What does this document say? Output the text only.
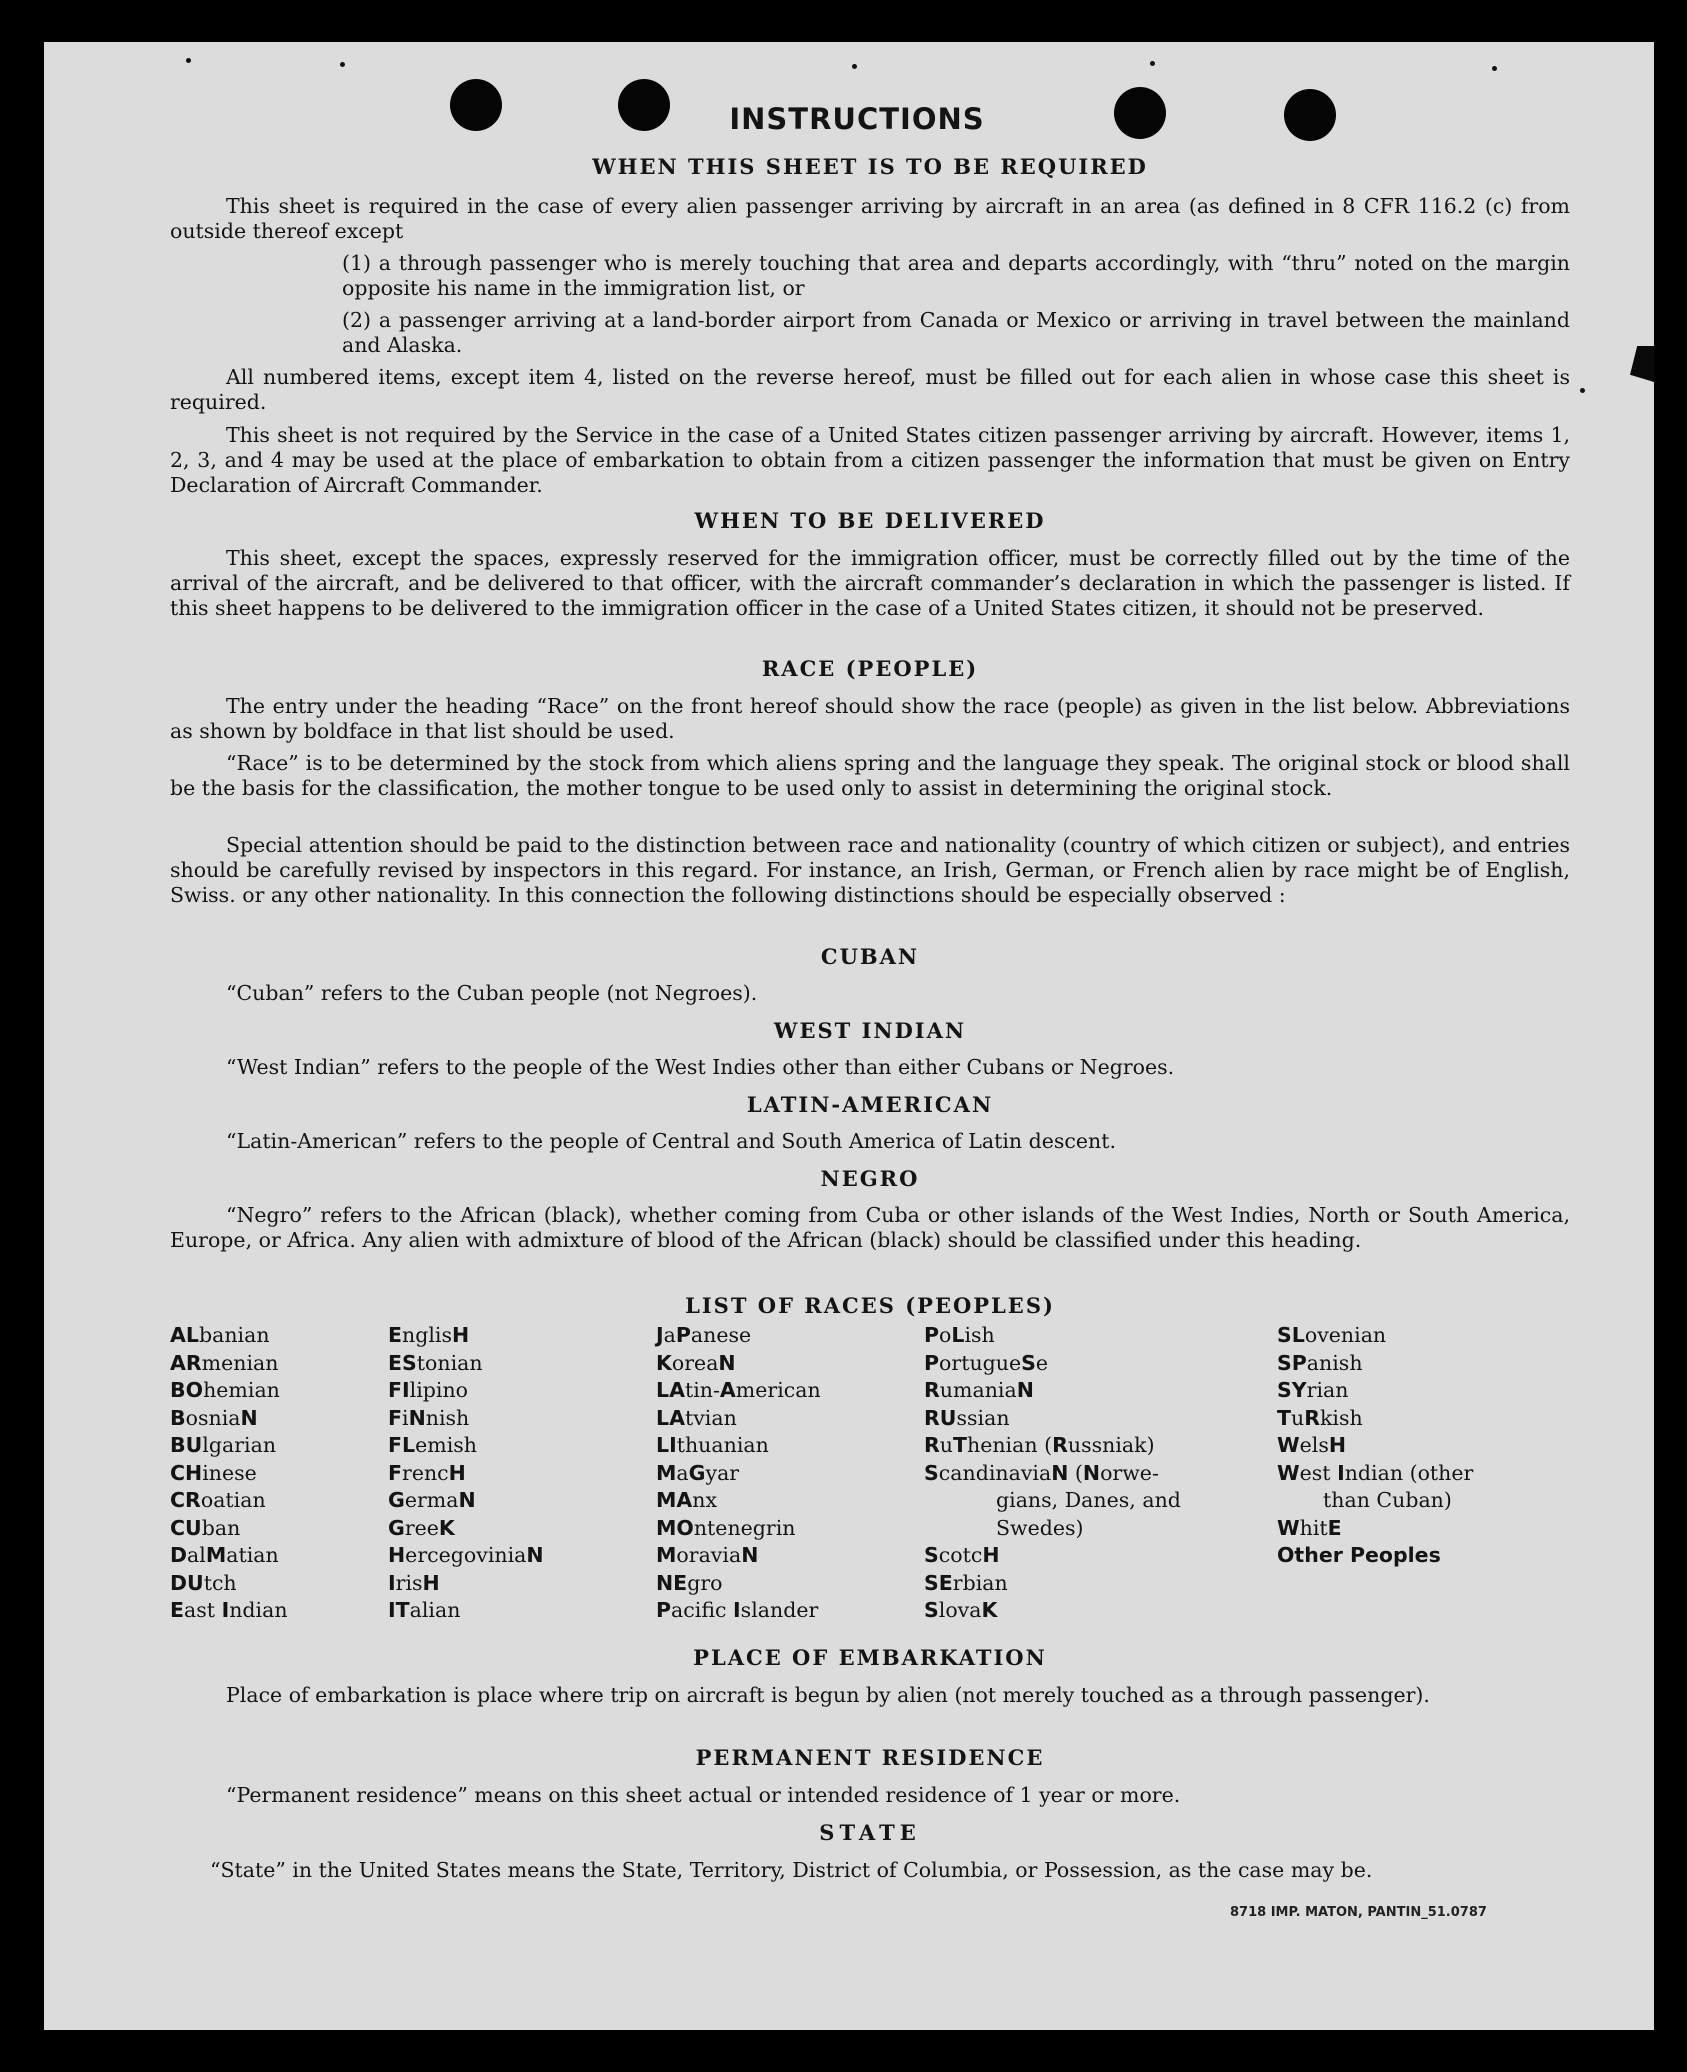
INSTRUCTIONS
WHEN THIS SHEET IS TO BE REQUIRED
This sheet is required in the case of every alien passenger arriving by aircraft in an area (as defined in 8 CFR 116.2 (c) from outside thereof except
(1) a through passenger who is merely touching that area and departs accordingly, with “thru” noted on the margin opposite his name in the immigration list, or
(2) a passenger arriving at a land-border airport from Canada or Mexico or arriving in travel between the mainland and Alaska.
All numbered items, except item 4, listed on the reverse hereof, must be filled out for each alien in whose case this sheet is required.
This sheet is not required by the Service in the case of a United States citizen passenger arriving by aircraft. However, items 1, 2, 3, and 4 may be used at the place of embarkation to obtain from a citizen passenger the information that must be given on Entry Declaration of Aircraft Commander.
WHEN TO BE DELIVERED
This sheet, except the spaces, expressly reserved for the immigration officer, must be correctly filled out by the time of the arrival of the aircraft, and be delivered to that officer, with the aircraft commander’s declaration in which the passenger is listed. If this sheet happens to be delivered to the immigration officer in the case of a United States citizen, it should not be preserved.
RACE (PEOPLE)
The entry under the heading “Race” on the front hereof should show the race (people) as given in the list below. Abbreviations as shown by boldface in that list should be used.
“Race” is to be determined by the stock from which aliens spring and the language they speak. The original stock or blood shall be the basis for the classification, the mother tongue to be used only to assist in determining the original stock.
Special attention should be paid to the distinction between race and nationality (country of which citizen or subject), and entries should be carefully revised by inspectors in this regard. For instance, an Irish, German, or French alien by race might be of English, Swiss. or any other nationality. In this connection the following distinctions should be especially observed :
CUBAN
“Cuban” refers to the Cuban people (not Negroes).
WEST INDIAN
“West Indian” refers to the people of the West Indies other than either Cubans or Negroes.
LATIN-AMERICAN
“Latin-American” refers to the people of Central and South America of Latin descent.
NEGRO
“Negro” refers to the African (black), whether coming from Cuba or other islands of the West Indies, North or South America, Europe, or Africa. Any alien with admixture of blood of the African (black) should be classified under this heading.
LIST OF RACES (PEOPLES)
ALbanian
ARmenian
BOhemian
BosniaN
BUlgarian
CHinese
CRoatian
CUban
DalMatian
DUtch
East Indian
EnglisH
EStonian
FIlipino
FiNnish
FLemish
FrencH
GermaN
GreeK
HercegoviniaN
IrisH
ITalian
JaPanese
KoreaN
LAtin-American
LAtvian
LIthuanian
MaGyar
MAnx
MOntenegrin
MoraviaN
NEgro
Pacifc Islander
PoLish
PortugueSe
RumaniaN
RUssian
RuThenian (Russniak)
ScandinaviaN (Norwe-
gians, Danes, and
Swedes)
ScotcH
SErbian
SlovaK
SLovenian
SPanish
SYrian
TuRkish
WelsH
West Indian (other
than Cuban)
WhitE
Other Peoples
PLACE OF EMBARKATION
Place of embarkation is place where trip on aircraft is begun by alien (not merely touched as a through passenger).
PERMANENT RESIDENCE
“Permanent residence” means on this sheet actual or intended residence of 1 year or more.
STATE
“State” in the United States means the State, Territory, District of Columbia, or Possession, as the case may be.
8718 IMP. MATON, PANTIN_51.0787
